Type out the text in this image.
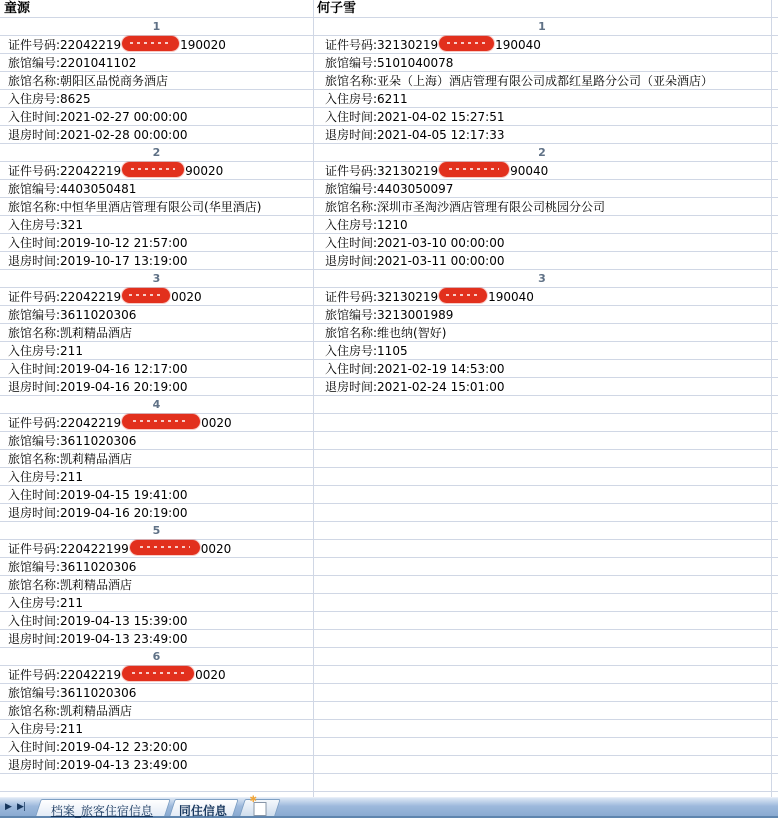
童源
1
证件号码:22042219	190020
旅馆编号:2201041102
旅馆名称:朝阳区品悦商务酒店
入住房号:8625
入住时间:2021-02-27 00:00:00
退房时间:2021-02-28 00:00:00
2
证件号码:22042219	90020
旅馆编号:4403050481
旅馆名称:中恒华里酒店管理有限公司(华里酒店)
入住房号:321
入住时间:2019-10-12 21:57:00
退房时间:2019-10-17 13:19:00
3
证件号码:22042219	0020
旅馆编号:3611020306
旅馆名称:凯莉精品酒店
入住房号:211
入住时间:2019-04-16 12:17:00
退房时间:2019-04-16 20:19:00
4
证件号码:22042219	0020
旅馆编号:3611020306
旅馆名称:凯莉精品酒店
入住房号:211
入住时间:2019-04-15 19:41:00
退房时间:2019-04-16 20:19:00
5
证件号码:220422199	0020
旅馆编号:3611020306
旅馆名称:凯莉精品酒店
入住房号:211
入住时间:2019-04-13 15:39:00
退房时间:2019-04-13 23:49:00
6
证件号码:22042219	0020
旅馆编号:3611020306
旅馆名称:凯莉精品酒店
入住房号:211
入住时间:2019-04-12 23:20:00
退房时间:2019-04-13 23:49:00
何子雪
1
证件号码:32130219	190040
旅馆编号:5101040078
旅馆名称:亚朵（上海）酒店管理有限公司成都红星路分公司（亚朵酒店）
入住房号:6211
入住时间:2021-04-02 15:27:51
退房时间:2021-04-05 12:17:33
2
证件号码:32130219	90040
旅馆编号:4403050097
旅馆名称:深圳市圣淘沙酒店管理有限公司桃园分公司
入住房号:1210
入住时间:2021-03-10 00:00:00
退房时间:2021-03-11 00:00:00
3
证件号码:32130219	190040
旅馆编号:3213001989
旅馆名称:维也纳(智好)
入住房号:1105
入住时间:2021-02-19 14:53:00
退房时间:2021-02-24 15:01:00
▶ ▶|	档案_旅客住宿信息	同住信息
✱
